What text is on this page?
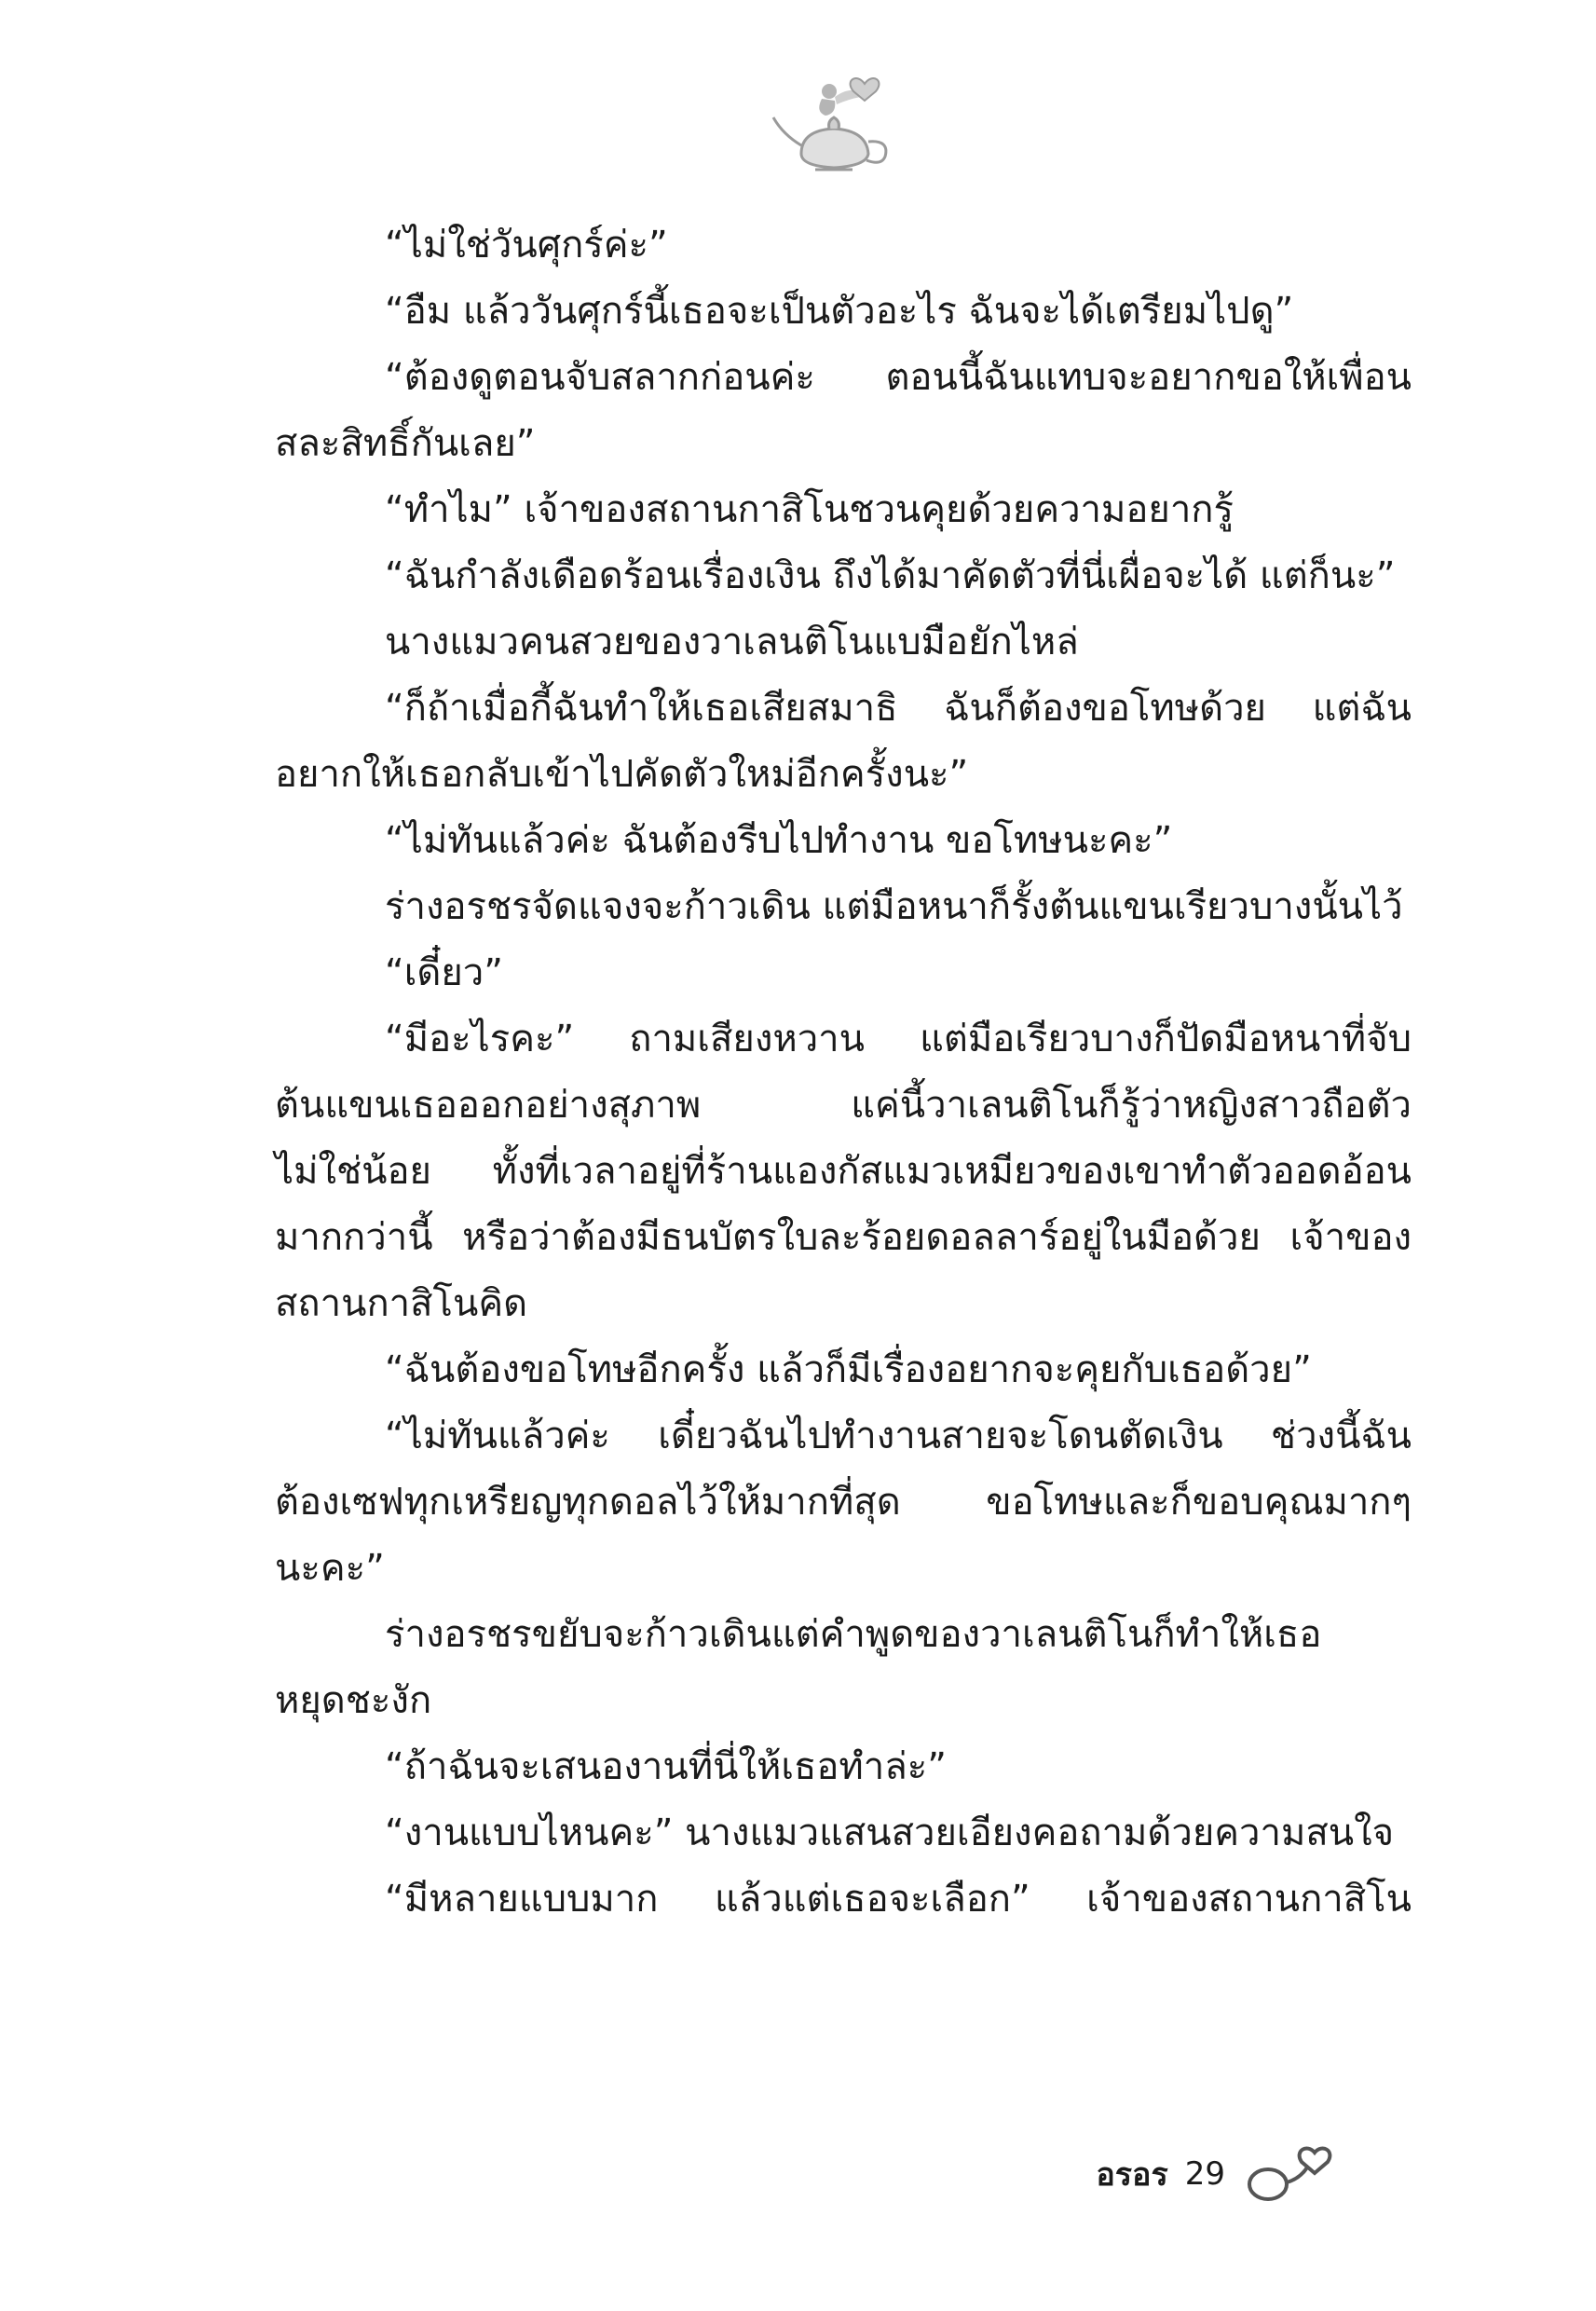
“ไม่ใช่วันศุกร์ค่ะ”
“อืม แล้ววันศุกร์นี้เธอจะเป็นตัวอะไร ฉันจะได้เตรียมไปดู”
“ต้องดูตอนจับสลากก่อนค่ะ ตอนนี้ฉันแทบจะอยากขอให้เพื่อน
สละสิทธิ์กันเลย”
“ทำไม” เจ้าของสถานกาสิโนชวนคุยด้วยความอยากรู้
“ฉันกำลังเดือดร้อนเรื่องเงิน ถึงได้มาคัดตัวที่นี่เผื่อจะได้ แต่ก็นะ”
นางแมวคนสวยของวาเลนติโนแบมือยักไหล่
“ก็ถ้าเมื่อกี้ฉันทำให้เธอเสียสมาธิ ฉันก็ต้องขอโทษด้วย แต่ฉัน
อยากให้เธอกลับเข้าไปคัดตัวใหม่อีกครั้งนะ”
“ไม่ทันแล้วค่ะ ฉันต้องรีบไปทำงาน ขอโทษนะคะ”
ร่างอรชรจัดแจงจะก้าวเดิน แต่มือหนาก็รั้งต้นแขนเรียวบางนั้นไว้
“เดี๋ยว”
“มีอะไรคะ” ถามเสียงหวาน แต่มือเรียวบางก็ปัดมือหนาที่จับ
ต้นแขนเธอออกอย่างสุภาพ แค่นี้วาเลนติโนก็รู้ว่าหญิงสาวถือตัว
ไม่ใช่น้อย ทั้งที่เวลาอยู่ที่ร้านแองกัสแมวเหมียวของเขาทำตัวออดอ้อน
มากกว่านี้ หรือว่าต้องมีธนบัตรใบละร้อยดอลลาร์อยู่ในมือด้วย เจ้าของ
สถานกาสิโนคิด
“ฉันต้องขอโทษอีกครั้ง แล้วก็มีเรื่องอยากจะคุยกับเธอด้วย”
“ไม่ทันแล้วค่ะ เดี๋ยวฉันไปทำงานสายจะโดนตัดเงิน ช่วงนี้ฉัน
ต้องเซฟทุกเหรียญทุกดอลไว้ให้มากที่สุด ขอโทษและก็ขอบคุณมากๆ
นะคะ”
ร่างอรชรขยับจะก้าวเดินแต่คำพูดของวาเลนติโนก็ทำให้เธอ
หยุดชะงัก
“ถ้าฉันจะเสนองานที่นี่ให้เธอทำล่ะ”
“งานแบบไหนคะ” นางแมวแสนสวยเอียงคอถามด้วยความสนใจ
“มีหลายแบบมาก แล้วแต่เธอจะเลือก” เจ้าของสถานกาสิโน
อรอร 29
